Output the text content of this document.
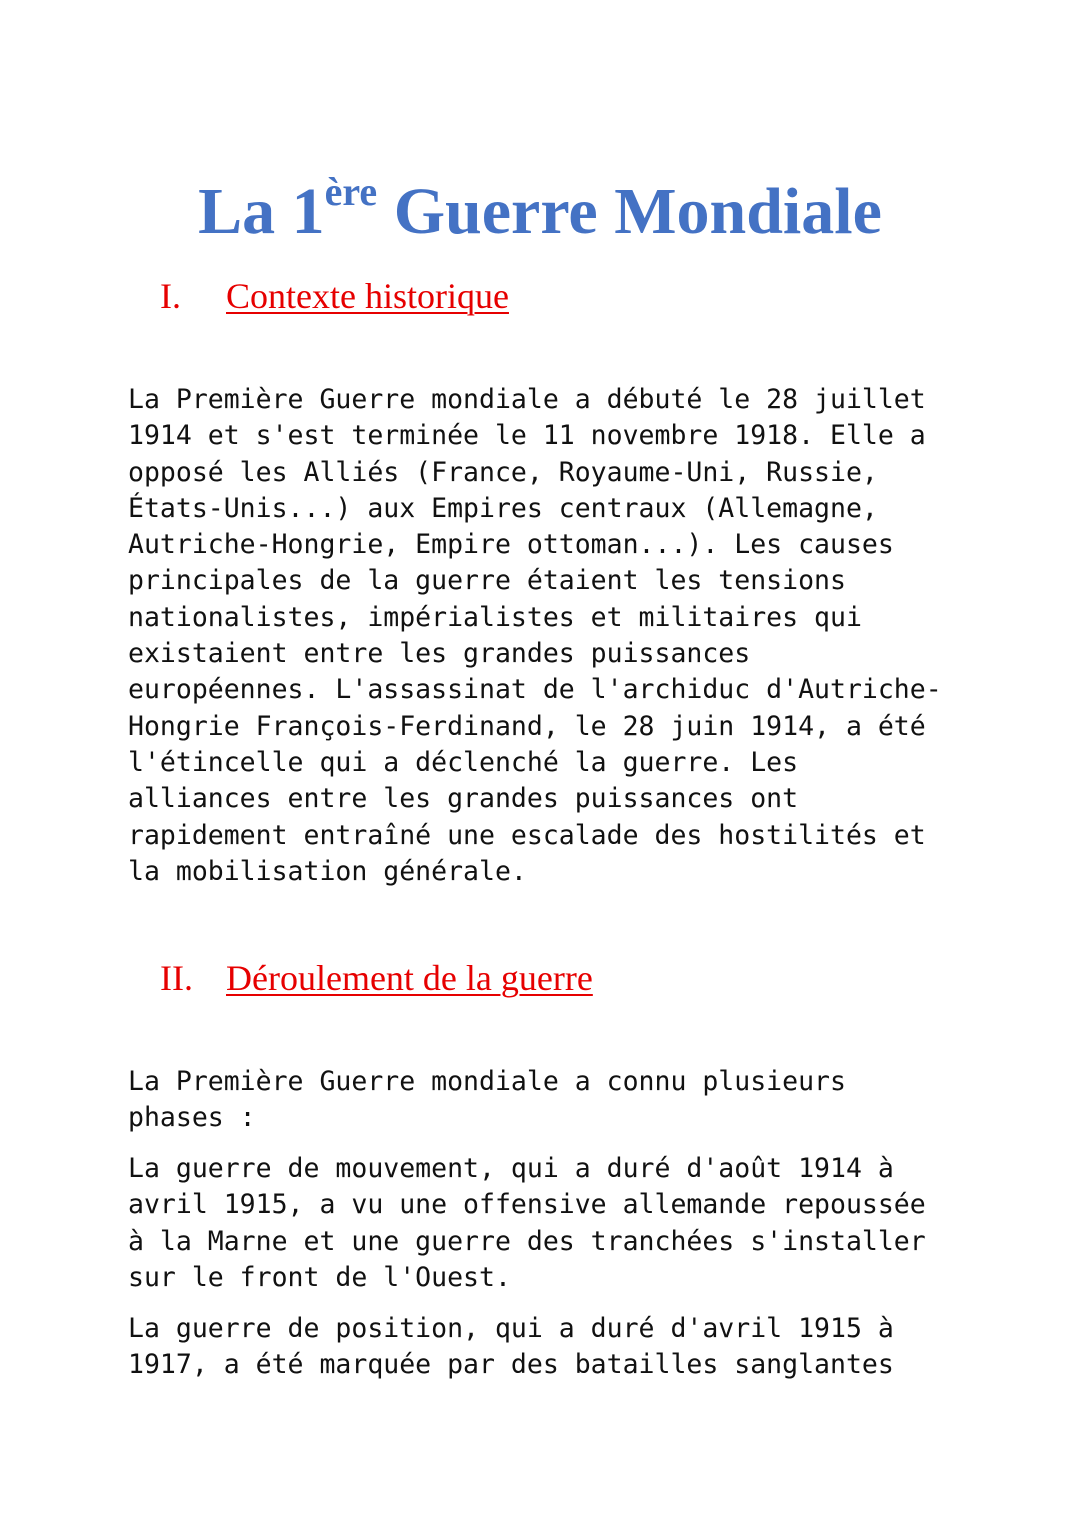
La 1ère Guerre Mondiale
I. Contexte historique

La Première Guerre mondiale a débuté le 28 juillet
1914 et s'est terminée le 11 novembre 1918. Elle a
opposé les Alliés (France, Royaume-Uni, Russie,
États-Unis...) aux Empires centraux (Allemagne,
Autriche-Hongrie, Empire ottoman...). Les causes
principales de la guerre étaient les tensions
nationalistes, impérialistes et militaires qui
existaient entre les grandes puissances
européennes. L'assassinat de l'archiduc d'Autriche-
Hongrie François-Ferdinand, le 28 juin 1914, a été
l'étincelle qui a déclenché la guerre. Les
alliances entre les grandes puissances ont
rapidement entraîné une escalade des hostilités et
la mobilisation générale.

II. Déroulement de la guerre

La Première Guerre mondiale a connu plusieurs
phases :

La guerre de mouvement, qui a duré d'août 1914 à
avril 1915, a vu une offensive allemande repoussée
à la Marne et une guerre des tranchées s'installer
sur le front de l'Ouest.

La guerre de position, qui a duré d'avril 1915 à
1917, a été marquée par des batailles sanglantes
